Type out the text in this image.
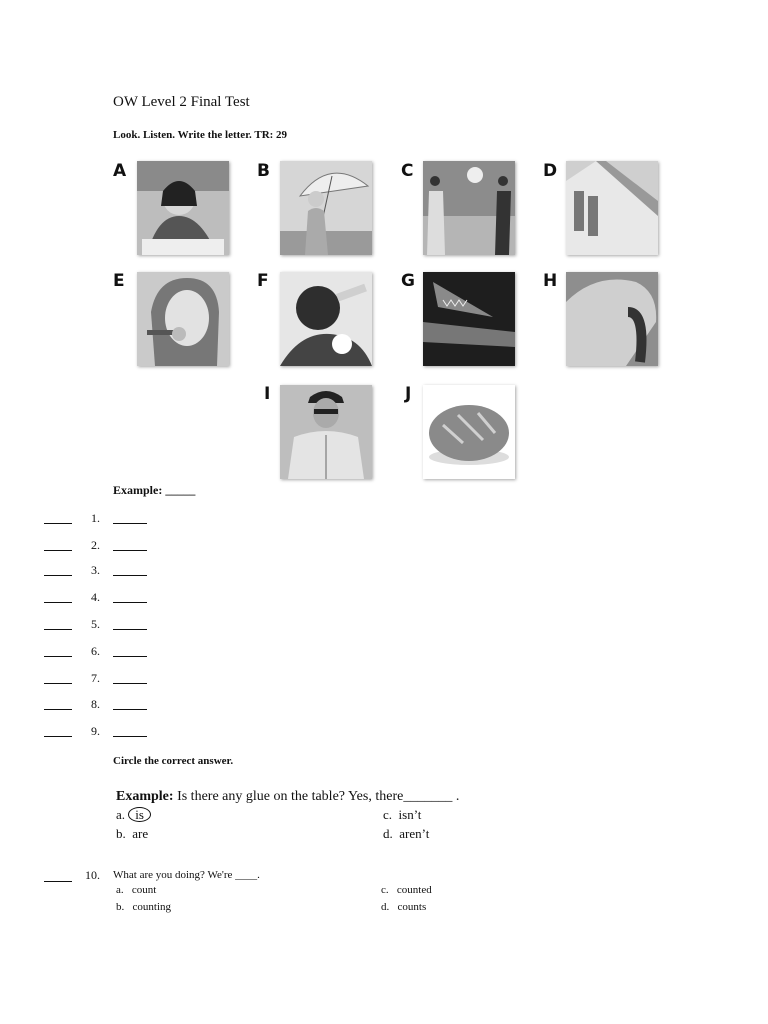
OW Level 2 Final Test
Look. Listen. Write the letter. TR: 29
A	B	C	D
E	F	G	H
I	J
Example: _____
1.
2.
3.
4.
5.
6.
7.
8.
9.
Circle the correct answer.
Example: Is there any glue on the table? Yes, there_______ .
a. is
b. are
c. isn’t
d. aren’t
10. What are you doing? We're ____.
a. count
b. counting
c. counted
d. counts
